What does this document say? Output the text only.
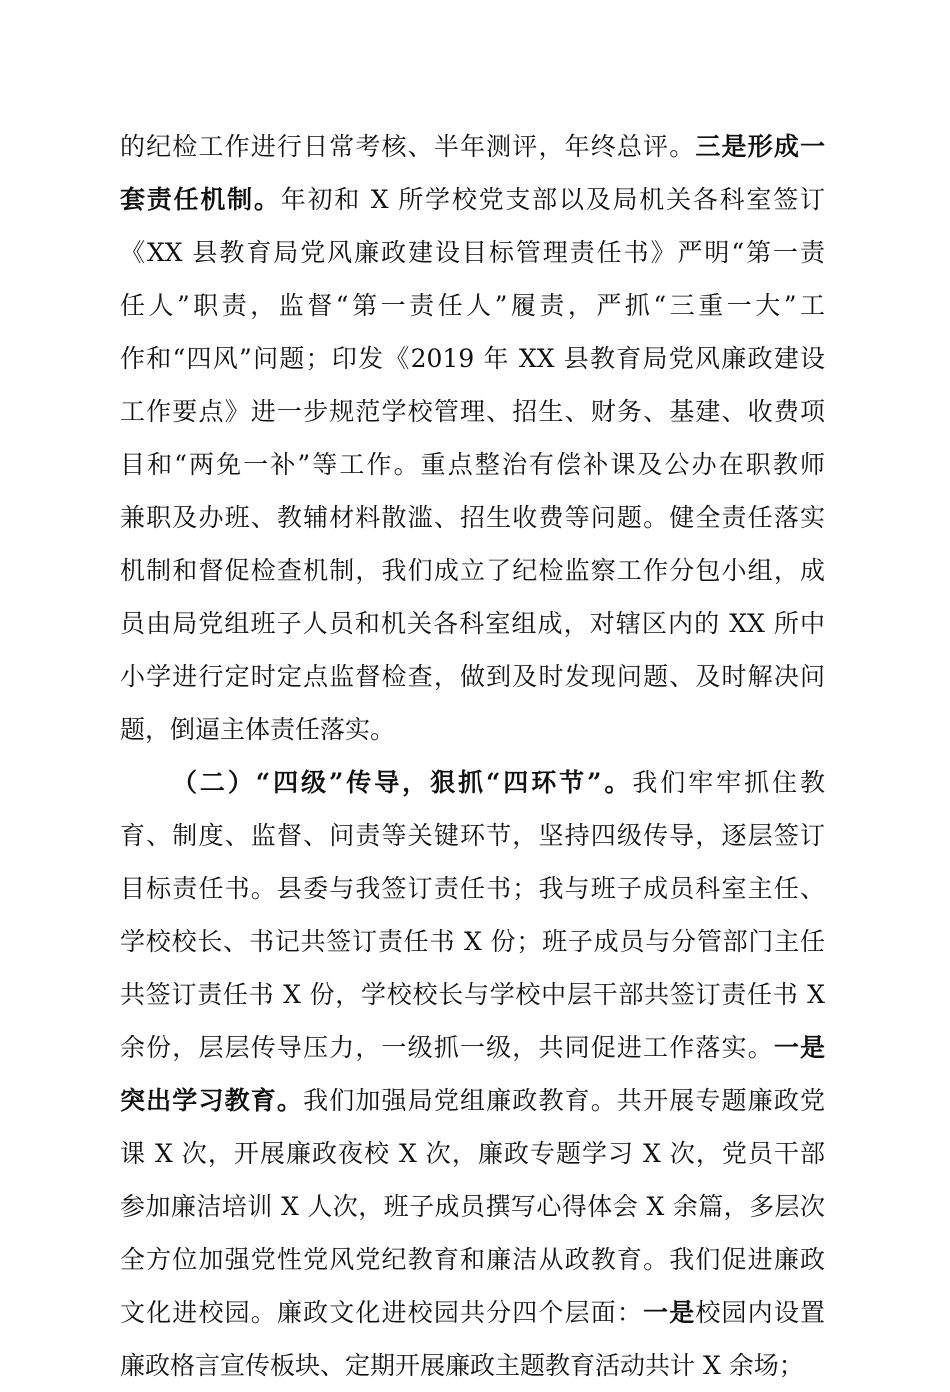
的纪检工作进行日常考核、半年测评，年终总评。三是形成一
套责任机制。年初和 X 所学校党支部以及局机关各科室签订
《XX 县教育局党风廉政建设目标管理责任书》严明“第一责
任人”职责，监督“第一责任人”履责，严抓“三重一大”工
作和“四风”问题；印发《2019 年 XX 县教育局党风廉政建设
工作要点》进一步规范学校管理、招生、财务、基建、收费项
目和“两免一补”等工作。重点整治有偿补课及公办在职教师
兼职及办班、教辅材料散滥、招生收费等问题。健全责任落实
机制和督促检查机制，我们成立了纪检监察工作分包小组，成
员由局党组班子人员和机关各科室组成，对辖区内的 XX 所中
小学进行定时定点监督检查，做到及时发现问题、及时解决问
题，倒逼主体责任落实。
（二）“四级”传导，狠抓“四环节”。我们牢牢抓住教
育、制度、监督、问责等关键环节，坚持四级传导，逐层签订
目标责任书。县委与我签订责任书；我与班子成员科室主任、
学校校长、书记共签订责任书 X 份；班子成员与分管部门主任
共签订责任书 X 份，学校校长与学校中层干部共签订责任书 X
余份，层层传导压力，一级抓一级，共同促进工作落实。一是
突出学习教育。我们加强局党组廉政教育。共开展专题廉政党
课 X 次，开展廉政夜校 X 次，廉政专题学习 X 次，党员干部
参加廉洁培训 X 人次，班子成员撰写心得体会 X 余篇，多层次
全方位加强党性党风党纪教育和廉洁从政教育。我们促进廉政
文化进校园。廉政文化进校园共分四个层面：一是校园内设置
廉政格言宣传板块、定期开展廉政主题教育活动共计 X 余场；
